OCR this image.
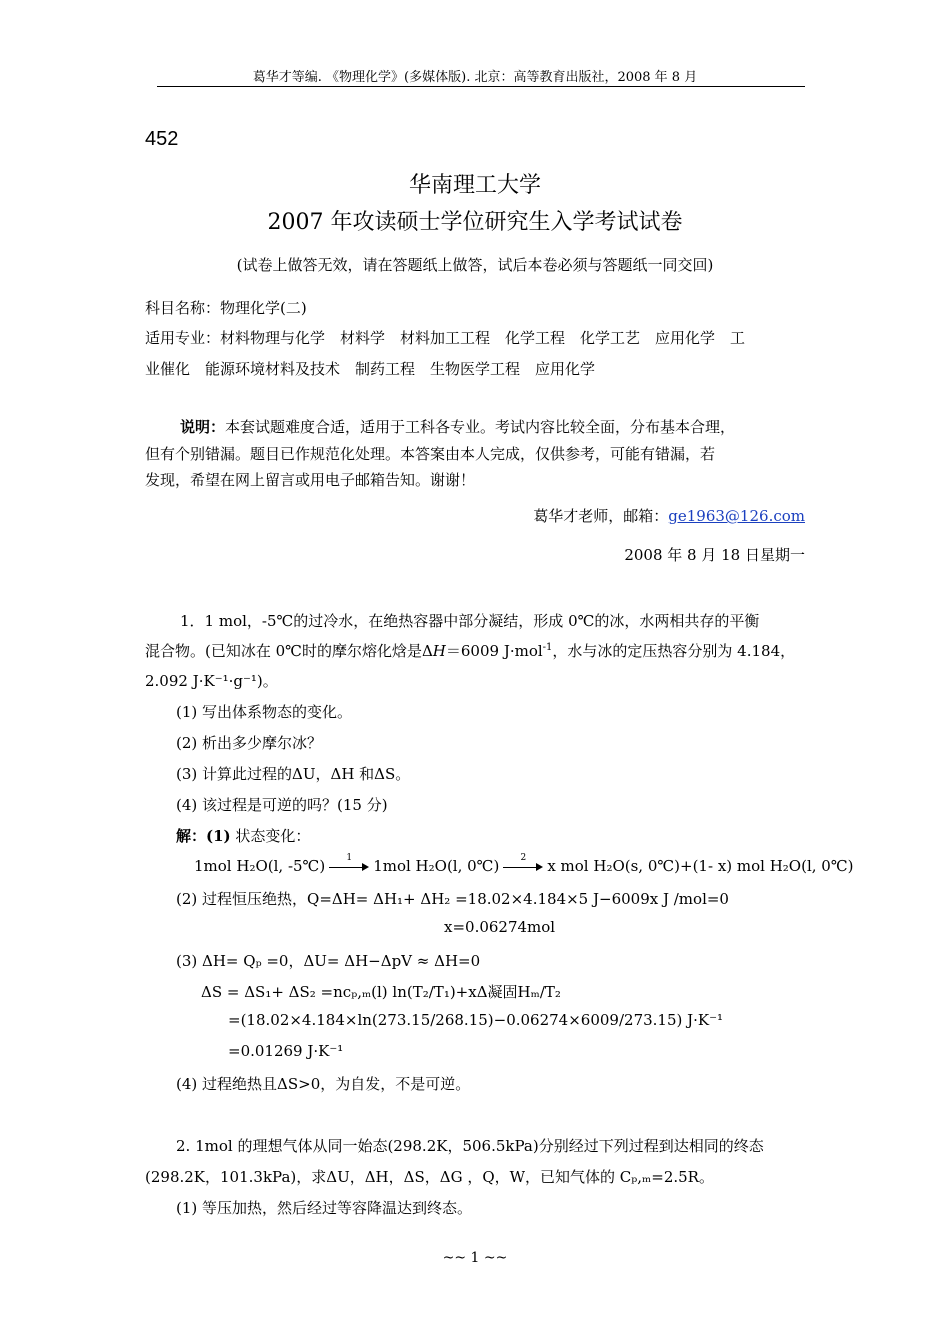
葛华才等编. 《物理化学》(多媒体版). 北京：高等教育出版社，2008 年 8 月
452
华南理工大学
2007 年攻读硕士学位研究生入学考试试卷
(试卷上做答无效，请在答题纸上做答，试后本卷必须与答题纸一同交回)
科目名称：物理化学(二)
适用专业：材料物理与化学　材料学　材料加工工程　化学工程　化学工艺　应用化学　工
业催化　能源环境材料及技术　制药工程　生物医学工程　应用化学
说明：本套试题难度合适，适用于工科各专业。考试内容比较全面，分布基本合理，
但有个别错漏。题目已作规范化处理。本答案由本人完成，仅供参考，可能有错漏，若
发现，希望在网上留言或用电子邮箱告知。谢谢！
葛华才老师，邮箱：ge1963@126.com
2008 年 8 月 18 日星期一
1．1 mol，-5℃的过冷水，在绝热容器中部分凝结，形成 0℃的冰，水两相共存的平衡
混合物。(已知冰在 0℃时的摩尔熔化焓是ΔH＝6009 J·mol$^{-1}$，水与冰的定压热容分别为 4.184，
2.092 J·K⁻¹·g⁻¹)。
(1) 写出体系物态的变化。
(2) 析出多少摩尔冰？
(3) 计算此过程的ΔU，ΔH 和ΔS。
(4) 该过程是可逆的吗？(15 分)
解：(1) 状态变化：
1mol H₂O(l, -5℃)	1	1mol H₂O(l, 0℃)	2	x mol H₂O(s, 0℃)+(1- x) mol H₂O(l, 0℃)
(2) 过程恒压绝热，Q=ΔH= ΔH₁+ ΔH₂ =18.02×4.184×5 J−6009x J /mol=0
x=0.06274mol
(3) ΔH= Qₚ =0，ΔU= ΔH−ΔpV ≈ ΔH=0
ΔS = ΔS₁+ ΔS₂ =ncₚ,ₘ(l) ln(T₂/T₁)+xΔ凝固Hₘ/T₂
=(18.02×4.184×ln(273.15/268.15)−0.06274×6009/273.15) J·K⁻¹
=0.01269 J·K⁻¹
(4) 过程绝热且ΔS>0，为自发，不是可逆。
2. 1mol 的理想气体从同一始态(298.2K，506.5kPa)分别经过下列过程到达相同的终态
(298.2K，101.3kPa)，求ΔU，ΔH，ΔS，ΔG ，Q，W，已知气体的 Cₚ,ₘ=2.5R。
(1) 等压加热，然后经过等容降温达到终态。
~~ 1 ~~
